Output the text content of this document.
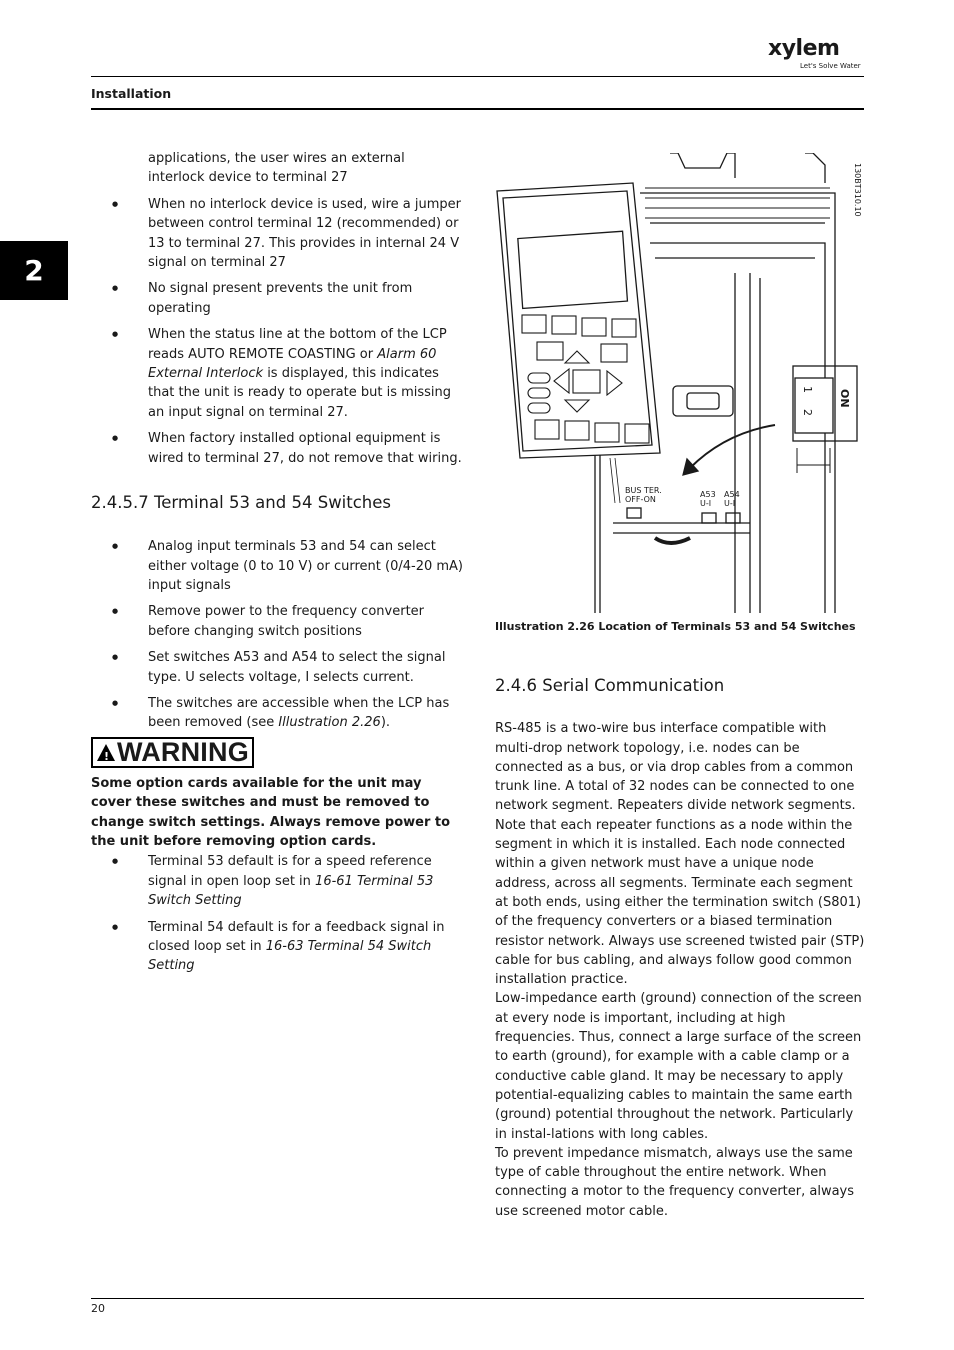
xylem
Let's Solve Water
Installation
2
applications, the user wires an external interlock device to terminal 27
● When no interlock device is used, wire a jumper between control terminal 12 (recommended) or 13 to terminal 27. This provides in internal 24 V signal on terminal 27
● No signal present prevents the unit from operating
● When the status line at the bottom of the LCP reads AUTO REMOTE COASTING or Alarm 60 External Interlock is displayed, this indicates that the unit is ready to operate but is missing an input signal on terminal 27.
● When factory installed optional equipment is wired to terminal 27, do not remove that wiring.
2.4.5.7 Terminal 53 and 54 Switches
● Analog input terminals 53 and 54 can select either voltage (0 to 10 V) or current (0/4-20 mA) input signals
● Remove power to the frequency converter before changing switch positions
● Set switches A53 and A54 to select the signal type. U selects voltage, I selects current.
● The switches are accessible when the LCP has been removed (see Illustration 2.26).
!
WARNING
Some option cards available for the unit may cover these switches and must be removed to change switch settings. Always remove power to the unit before removing option cards.
● Terminal 53 default is for a speed reference signal in open loop set in 16-61 Terminal 53 Switch Setting
● Terminal 54 default is for a feedback signal in closed loop set in 16-63 Terminal 54 Switch Setting
BUS TER.
OFF-ON
A53
U-I
A54
U-I
1
2
ON
130BT310.10
Illustration 2.26 Location of Terminals 53 and 54 Switches
2.4.6 Serial Communication

RS-485 is a two-wire bus interface compatible with multi-drop network topology, i.e. nodes can be connected as a bus, or via drop cables from a common trunk line. A total of 32 nodes can be connected to one network segment. Repeaters divide network segments. Note that each repeater functions as a node within the segment in which it is installed. Each node connected within a given network must have a unique node address, across all segments. Terminate each segment at both ends, using either the termination switch (S801) of the frequency converters or a biased termination resistor network. Always use screened twisted pair (STP) cable for bus cabling, and always follow good common installation practice.

Low-impedance earth (ground) connection of the screen at every node is important, including at high frequencies. Thus, connect a large surface of the screen to earth (ground), for example with a cable clamp or a conductive cable gland. It may be necessary to apply potential-equalizing cables to maintain the same earth (ground) potential throughout the network. Particularly in instal-lations with long cables.

To prevent impedance mismatch, always use the same type of cable throughout the entire network. When connecting a motor to the frequency converter, always use screened motor cable.

20
